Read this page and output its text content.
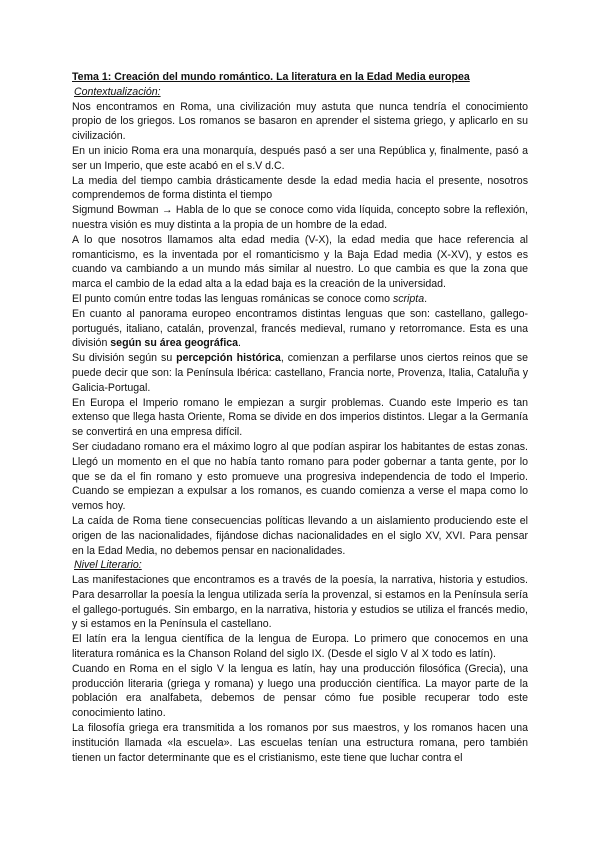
Tema 1: Creación del mundo romántico. La literatura en la Edad Media europea

Contextualización:

Nos encontramos en Roma, una civilización muy astuta que nunca tendría el conocimiento propio de los griegos. Los romanos se basaron en aprender el sistema griego, y aplicarlo en su civilización.

En un inicio Roma era una monarquía, después pasó a ser una República y, finalmente, pasó a ser un Imperio, que este acabó en el s.V d.C.

La media del tiempo cambia drásticamente desde la edad media hacia el presente, nosotros comprendemos de forma distinta el tiempo

Sigmund Bowman → Habla de lo que se conoce como vida líquida, concepto sobre la reflexión, nuestra visión es muy distinta a la propia de un hombre de la edad.

A lo que nosotros llamamos alta edad media (V-X), la edad media que hace referencia al romanticismo, es la inventada por el romanticismo y la Baja Edad media (X-XV), y estos es cuando va cambiando a un mundo más similar al nuestro. Lo que cambia es que la zona que marca el cambio de la edad alta a la edad baja es la creación de la universidad.

El punto común entre todas las lenguas románicas se conoce como scripta.

En cuanto al panorama europeo encontramos distintas lenguas que son: castellano, gallego-portugués, italiano, catalán, provenzal, francés medieval, rumano y retorromance. Esta es una división según su área geográfica.

Su división según su percepción histórica, comienzan a perfilarse unos ciertos reinos que se puede decir que son: la Península Ibérica: castellano, Francia norte, Provenza, Italia, Cataluña y Galicia-Portugal.

En Europa el Imperio romano le empiezan a surgir problemas. Cuando este Imperio es tan extenso que llega hasta Oriente, Roma se divide en dos imperios distintos. Llegar a la Germanía se convertirá en una empresa difícil.

Ser ciudadano romano era el máximo logro al que podían aspirar los habitantes de estas zonas. Llegó un momento en el que no había tanto romano para poder gobernar a tanta gente, por lo que se da el fin romano y esto promueve una progresiva independencia de todo el Imperio. Cuando se empiezan a expulsar a los romanos, es cuando comienza a verse el mapa como lo vemos hoy.

La caída de Roma tiene consecuencias políticas llevando a un aislamiento produciendo este el origen de las nacionalidades, fijándose dichas nacionalidades en el siglo XV, XVI. Para pensar en la Edad Media, no debemos pensar en nacionalidades.

Nivel Literario:

Las manifestaciones que encontramos es a través de la poesía, la narrativa, historia y estudios. Para desarrollar la poesía la lengua utilizada sería la provenzal, si estamos en la Península sería el gallego-portugués. Sin embargo, en la narrativa, historia y estudios se utiliza el francés medio, y si estamos en la Península el castellano.

El latín era la lengua científica de la lengua de Europa. Lo primero que conocemos en una literatura románica es la Chanson Roland del siglo IX. (Desde el siglo V al X todo es latín).

Cuando en Roma en el siglo V la lengua es latín, hay una producción filosófica (Grecia), una producción literaria (griega y romana) y luego una producción científica. La mayor parte de la población era analfabeta, debemos de pensar cómo fue posible recuperar todo este conocimiento latino.

La filosofía griega era transmitida a los romanos por sus maestros, y los romanos hacen una institución llamada «la escuela». Las escuelas tenían una estructura romana, pero también tienen un factor determinante que es el cristianismo, este tiene que luchar contra el
